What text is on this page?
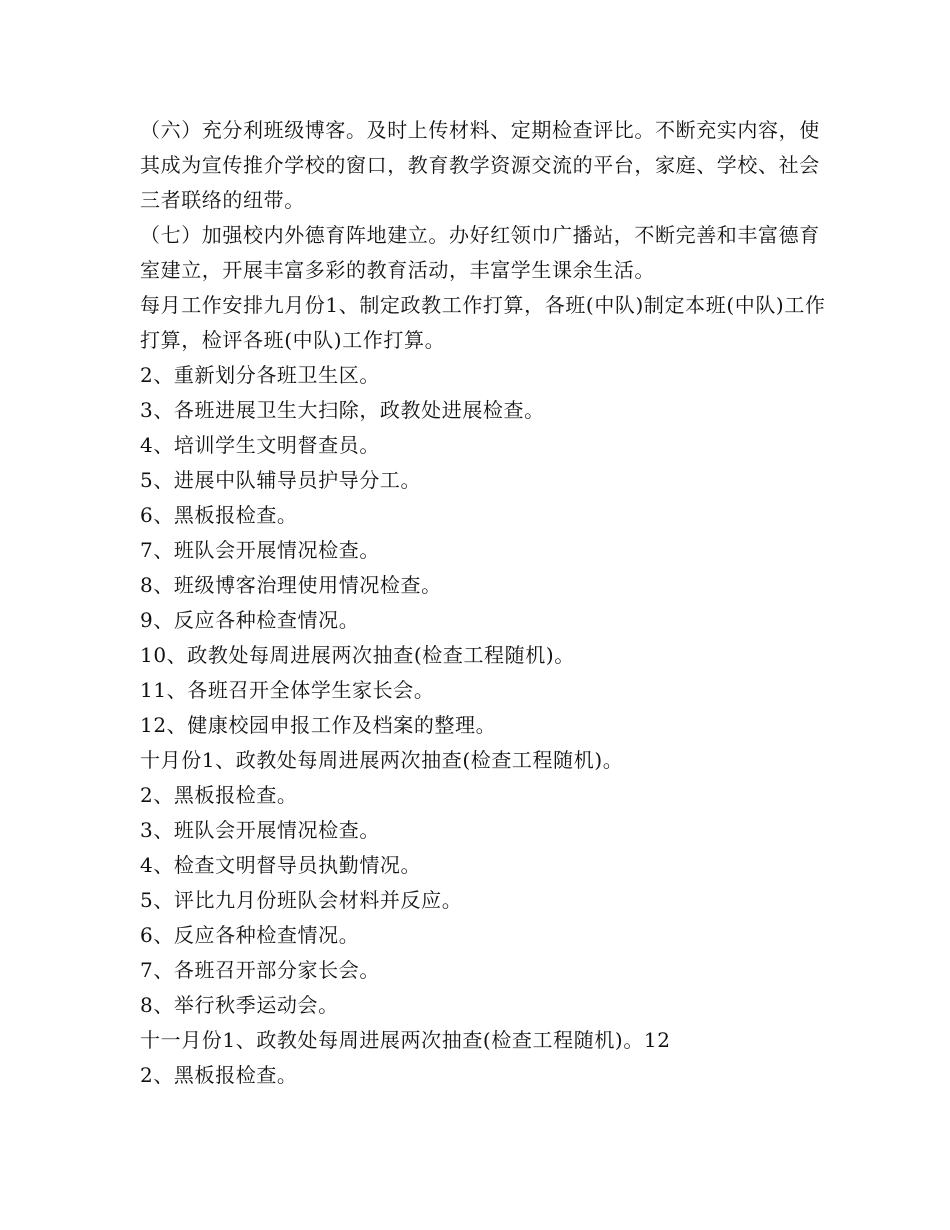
（六）充分利班级博客。及时上传材料、定期检查评比。不断充实内容，使其成为宣传推介学校的窗口，教育教学资源交流的平台，家庭、学校、社会三者联络的纽带。

（七）加强校内外德育阵地建立。办好红领巾广播站，不断完善和丰富德育室建立，开展丰富多彩的教育活动，丰富学生课余生活。

每月工作安排九月份1、制定政教工作打算，各班(中队)制定本班(中队)工作打算，检评各班(中队)工作打算。

2、重新划分各班卫生区。

3、各班进展卫生大扫除，政教处进展检查。

4、培训学生文明督查员。

5、进展中队辅导员护导分工。

6、黑板报检查。

7、班队会开展情况检查。

8、班级博客治理使用情况检查。

9、反应各种检查情况。

10、政教处每周进展两次抽查(检查工程随机)。

11、各班召开全体学生家长会。

12、健康校园申报工作及档案的整理。

十月份1、政教处每周进展两次抽查(检查工程随机)。

2、黑板报检查。

3、班队会开展情况检查。

4、检查文明督导员执勤情况。

5、评比九月份班队会材料并反应。

6、反应各种检查情况。

7、各班召开部分家长会。

8、举行秋季运动会。

十一月份1、政教处每周进展两次抽查(检查工程随机)。12

2、黑板报检查。
